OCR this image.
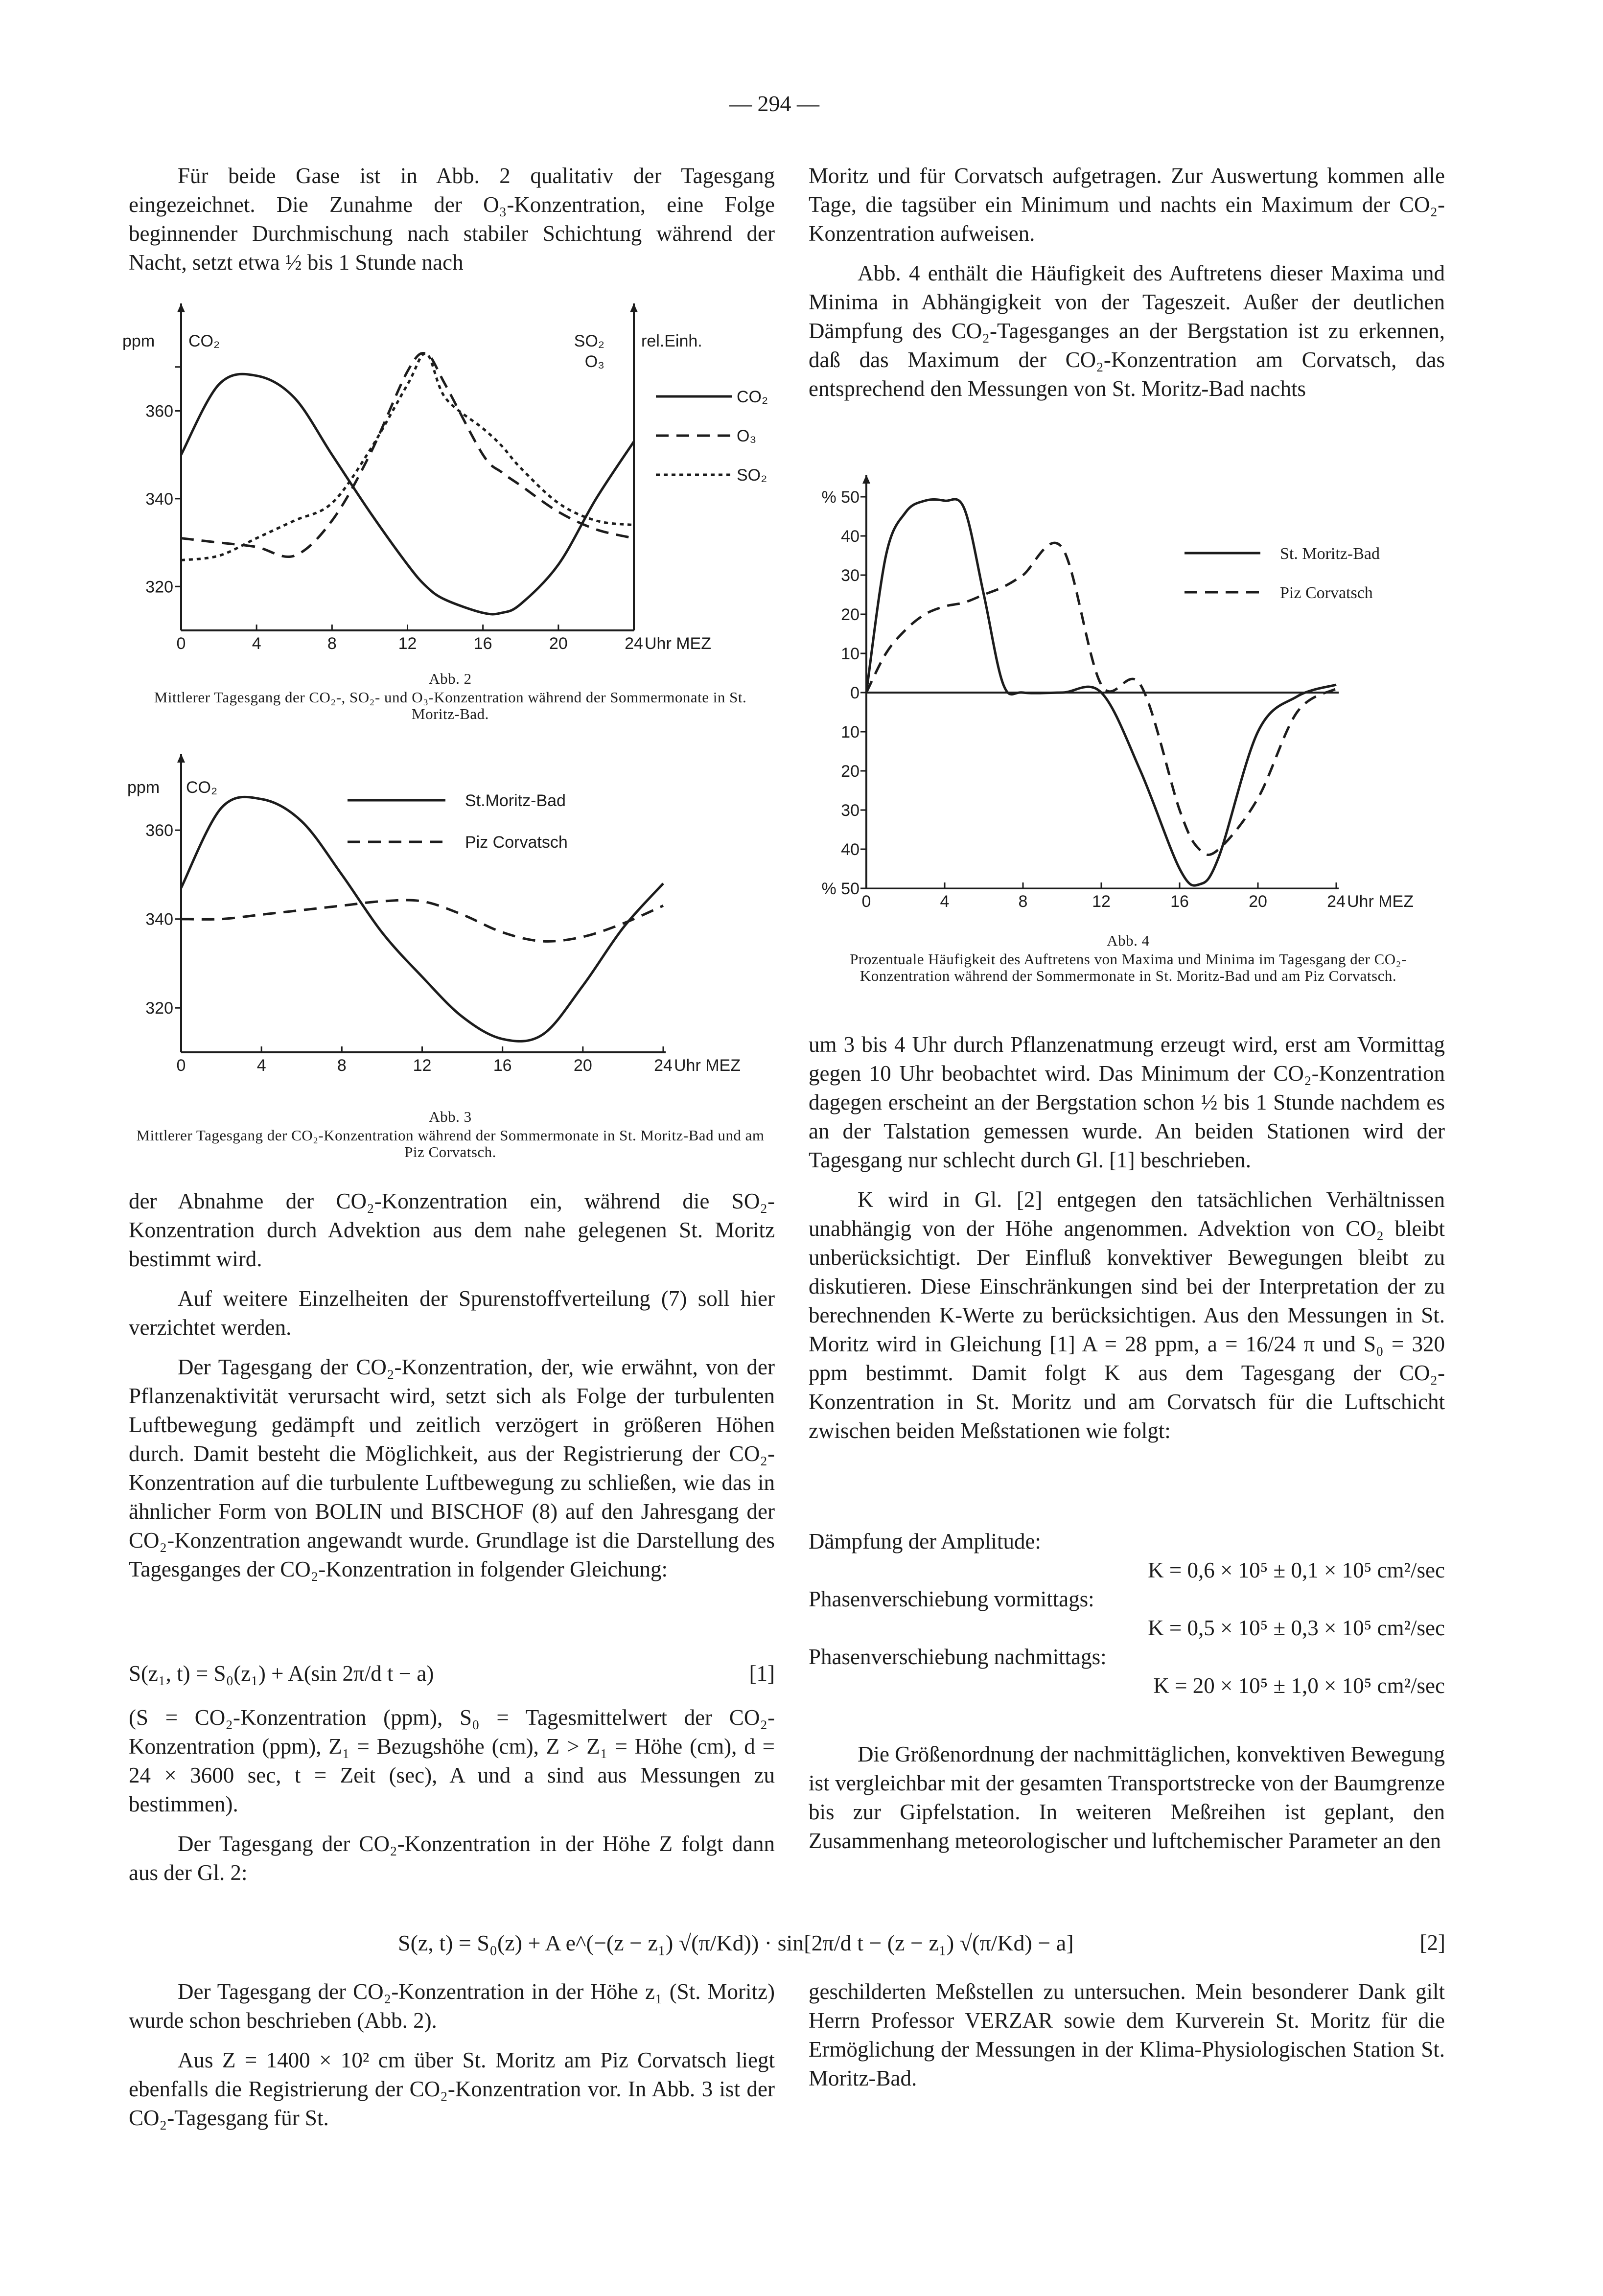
— 294 —

Für beide Gase ist in Abb. 2 qualitativ der Tagesgang eingezeichnet. Die Zunahme der O₃-Konzentration, eine Folge beginnender Durchmischung nach stabiler Schichtung während der Nacht, setzt etwa ½ bis 1 Stunde nach

Moritz und für Corvatsch aufgetragen. Zur Auswertung kommen alle Tage, die tagsüber ein Minimum und nachts ein Maximum der CO₂-Konzentration aufweisen.

Abb. 4 enthält die Häufigkeit des Auftretens dieser Maxima und Minima in Abhängigkeit von der Tageszeit. Außer der deutlichen Dämpfung des CO₂-Tagesganges an der Bergstation ist zu erkennen, daß das Maximum der CO₂-Konzentration am Corvatsch, das entsprechend den Messungen von St. Moritz-Bad nachts

0	4	8	12	16	20	24 Uhr MEZ
360
340
320
ppm CO₂	SO₂
O₃
rel.Einh.
CO₂
O₃
SO₂
Abb. 2
Mittlerer Tagesgang der CO₂-, SO₂- und O₃-Konzentration während der Sommermonate in St. Moritz-Bad.
0	4	8	12	16	20	24 Uhr MEZ
360
340
320
ppm CO₂
St.Moritz-Bad
Piz Corvatsch
Abb. 3
Mittlerer Tagesgang der CO₂-Konzentration während der Sommermonate in St. Moritz-Bad und am Piz Corvatsch.
0	4	8	12	16	20	24 Uhr MEZ
% 50
40
30
20
10
0
10
20
30
40
% 50
St. Moritz-Bad
Piz Corvatsch
Abb. 4
Prozentuale Häufigkeit des Auftretens von Maxima und Minima im Tagesgang der CO₂-Konzentration während der Sommermonate in St. Moritz-Bad und am Piz Corvatsch.

der Abnahme der CO₂-Konzentration ein, während die SO₂-Konzentration durch Advektion aus dem nahe gelegenen St. Moritz bestimmt wird.

Auf weitere Einzelheiten der Spurenstoffverteilung (7) soll hier verzichtet werden.

Der Tagesgang der CO₂-Konzentration, der, wie erwähnt, von der Pflanzenaktivität verursacht wird, setzt sich als Folge der turbulenten Luftbewegung gedämpft und zeitlich verzögert in größeren Höhen durch. Damit besteht die Möglichkeit, aus der Registrierung der CO₂-Konzentration auf die turbulente Luftbewegung zu schließen, wie das in ähnlicher Form von BOLIN und BISCHOF (8) auf den Jahresgang der CO₂-Konzentration angewandt wurde. Grundlage ist die Darstellung des Tagesganges der CO₂-Konzentration in folgender Gleichung:

S(z₁, t) = S₀(z₁) + A(sin 2π/d t − a)	[1]

(S = CO₂-Konzentration (ppm), S₀ = Tagesmittelwert der CO₂-Konzentration (ppm), Z₁ = Bezugshöhe (cm), Z > Z₁ = Höhe (cm), d = 24 × 3600 sec, t = Zeit (sec), A und a sind aus Messungen zu bestimmen).

Der Tagesgang der CO₂-Konzentration in der Höhe Z folgt dann aus der Gl. 2:

um 3 bis 4 Uhr durch Pflanzenatmung erzeugt wird, erst am Vormittag gegen 10 Uhr beobachtet wird. Das Minimum der CO₂-Konzentration dagegen erscheint an der Bergstation schon ½ bis 1 Stunde nachdem es an der Talstation gemessen wurde. An beiden Stationen wird der Tagesgang nur schlecht durch Gl. [1] beschrieben.

K wird in Gl. [2] entgegen den tatsächlichen Verhältnissen unabhängig von der Höhe angenommen. Advektion von CO₂ bleibt unberücksichtigt. Der Einfluß konvektiver Bewegungen bleibt zu diskutieren. Diese Einschränkungen sind bei der Interpretation der zu berechnenden K-Werte zu berücksichtigen. Aus den Messungen in St. Moritz wird in Gleichung [1] A = 28 ppm, a = 16/24 π und S₀ = 320 ppm bestimmt. Damit folgt K aus dem Tagesgang der CO₂-Konzentration in St. Moritz und am Corvatsch für die Luftschicht zwischen beiden Meßstationen wie folgt:

Dämpfung der Amplitude:
K = 0,6 × 10⁵ ± 0,1 × 10⁵ cm²/sec
Phasenverschiebung vormittags:
K = 0,5 × 10⁵ ± 0,3 × 10⁵ cm²/sec
Phasenverschiebung nachmittags:
K = 20 × 10⁵ ± 1,0 × 10⁵ cm²/sec

Die Größenordnung der nachmittäglichen, konvektiven Bewegung ist vergleichbar mit der gesamten Transportstrecke von der Baumgrenze bis zur Gipfelstation. In weiteren Meßreihen ist geplant, den Zusammenhang meteorologischer und luftchemischer Parameter an den

S(z, t) = S₀(z) + A e^(−(z − z₁) √(π/Kd)) · sin[2π/d t − (z − z₁) √(π/Kd) − a]	[2]

Der Tagesgang der CO₂-Konzentration in der Höhe z₁ (St. Moritz) wurde schon beschrieben (Abb. 2).

Aus Z = 1400 × 10² cm über St. Moritz am Piz Corvatsch liegt ebenfalls die Registrierung der CO₂-Konzentration vor. In Abb. 3 ist der CO₂-Tagesgang für St.

geschilderten Meßstellen zu untersuchen. Mein besonderer Dank gilt Herrn Professor VERZAR sowie dem Kurverein St. Moritz für die Ermöglichung der Messungen in der Klima-Physiologischen Station St. Moritz-Bad.
